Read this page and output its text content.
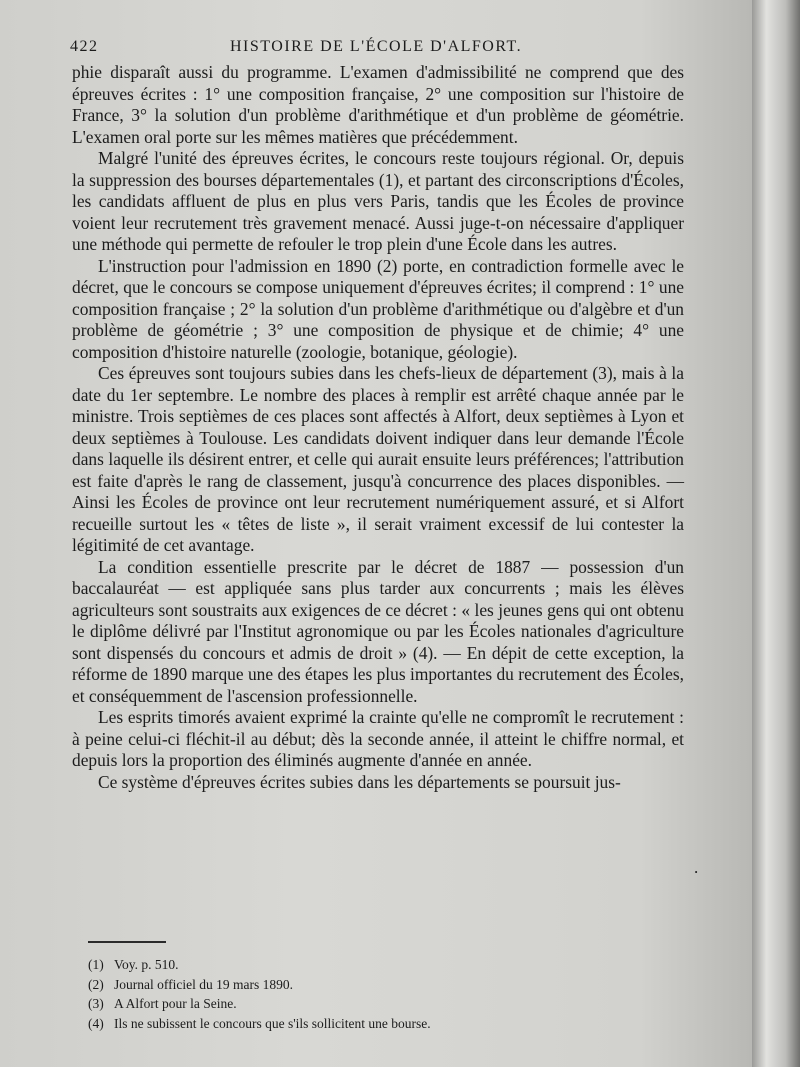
422	HISTOIRE DE L'ÉCOLE D'ALFORT.

phie disparaît aussi du programme. L'examen d'admissibilité ne comprend que des épreuves écrites : 1° une composition française, 2° une composition sur l'histoire de France, 3° la solution d'un problème d'arithmétique et d'un problème de géométrie. L'examen oral porte sur les mêmes matières que précédemment.

Malgré l'unité des épreuves écrites, le concours reste toujours régional. Or, depuis la suppression des bourses départementales (1), et partant des circonscriptions d'Écoles, les candidats affluent de plus en plus vers Paris, tandis que les Écoles de province voient leur recrutement très gravement menacé. Aussi juge-t-on nécessaire d'appliquer une méthode qui permette de refouler le trop plein d'une École dans les autres.

L'instruction pour l'admission en 1890 (2) porte, en contradiction formelle avec le décret, que le concours se compose uniquement d'épreuves écrites; il comprend : 1° une composition française ; 2° la solution d'un problème d'arithmétique ou d'algèbre et d'un problème de géométrie ; 3° une composition de physique et de chimie; 4° une composition d'histoire naturelle (zoologie, botanique, géologie).

Ces épreuves sont toujours subies dans les chefs-lieux de département (3), mais à la date du 1er septembre. Le nombre des places à remplir est arrêté chaque année par le ministre. Trois septièmes de ces places sont affectés à Alfort, deux septièmes à Lyon et deux septièmes à Toulouse. Les candidats doivent indiquer dans leur demande l'École dans laquelle ils désirent entrer, et celle qui aurait ensuite leurs préférences; l'attribution est faite d'après le rang de classement, jusqu'à concurrence des places disponibles. — Ainsi les Écoles de province ont leur recrutement numériquement assuré, et si Alfort recueille surtout les « têtes de liste », il serait vraiment excessif de lui contester la légitimité de cet avantage.

La condition essentielle prescrite par le décret de 1887 — possession d'un baccalauréat — est appliquée sans plus tarder aux concurrents ; mais les élèves agriculteurs sont soustraits aux exigences de ce décret : « les jeunes gens qui ont obtenu le diplôme délivré par l'Institut agronomique ou par les Écoles nationales d'agriculture sont dispensés du concours et admis de droit » (4). — En dépit de cette exception, la réforme de 1890 marque une des étapes les plus importantes du recrutement des Écoles, et conséquemment de l'ascension professionnelle.

Les esprits timorés avaient exprimé la crainte qu'elle ne compromît le recrutement : à peine celui-ci fléchit-il au début; dès la seconde année, il atteint le chiffre normal, et depuis lors la proportion des éliminés augmente d'année en année.

Ce système d'épreuves écrites subies dans les départements se poursuit jus-

(1) Voy. p. 510.
(2) Journal officiel du 19 mars 1890.
(3) A Alfort pour la Seine.
(4) Ils ne subissent le concours que s'ils sollicitent une bourse.
.
